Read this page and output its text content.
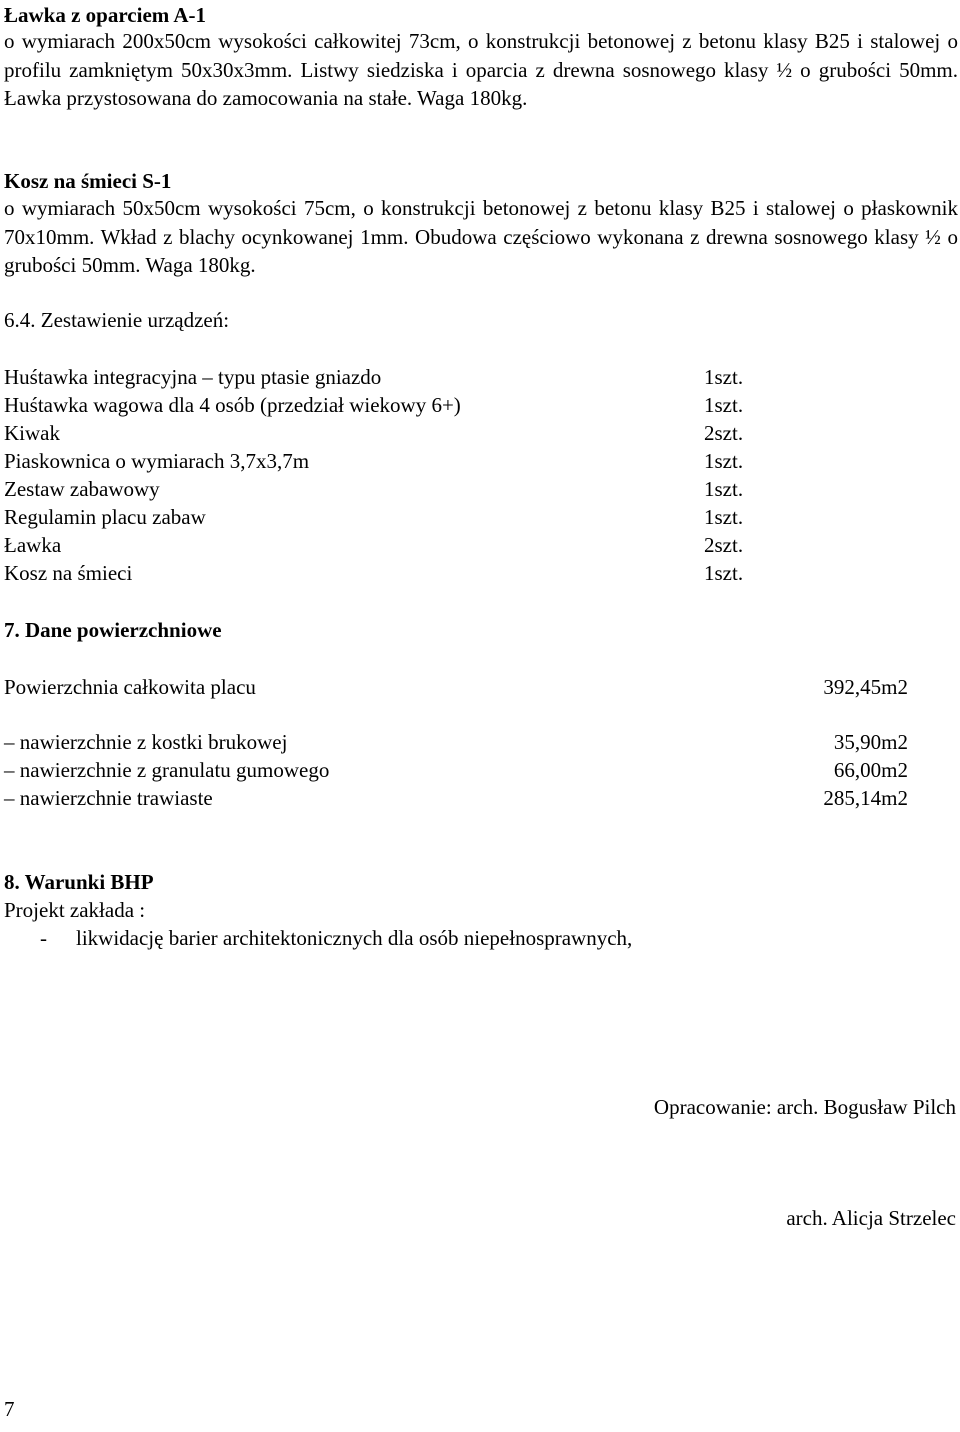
Ławka z oparciem A-1
o wymiarach 200x50cm wysokości całkowitej 73cm, o konstrukcji betonowej z betonu klasy B25 i stalowej o profilu zamkniętym 50x30x3mm. Listwy siedziska i oparcia z drewna sosnowego klasy ½ o grubości 50mm. Ławka przystosowana do zamocowania na stałe. Waga 180kg.
Kosz na śmieci S-1
o wymiarach 50x50cm wysokości 75cm, o konstrukcji betonowej z betonu klasy B25 i stalowej o płaskownik 70x10mm. Wkład z blachy ocynkowanej 1mm. Obudowa częściowo wykonana z drewna sosnowego klasy ½ o grubości 50mm. Waga 180kg.
6.4. Zestawienie urządzeń:
Huśtawka integracyjna – typu ptasie gniazdo	1szt.
Huśtawka wagowa dla 4 osób (przedział wiekowy 6+)	1szt.
Kiwak	2szt.
Piaskownica o wymiarach 3,7x3,7m	1szt.
Zestaw zabawowy	1szt.
Regulamin placu zabaw	1szt.
Ławka	2szt.
Kosz na śmieci	1szt.
7. Dane powierzchniowe
Powierzchnia całkowita placu	392,45m2
– nawierzchnie z kostki brukowej	35,90m2
– nawierzchnie z granulatu gumowego	66,00m2
– nawierzchnie trawiaste	285,14m2
8. Warunki BHP
Projekt zakłada :
- likwidację barier architektonicznych dla osób niepełnosprawnych,
Opracowanie: arch. Bogusław Pilch
arch. Alicja Strzelec
7
